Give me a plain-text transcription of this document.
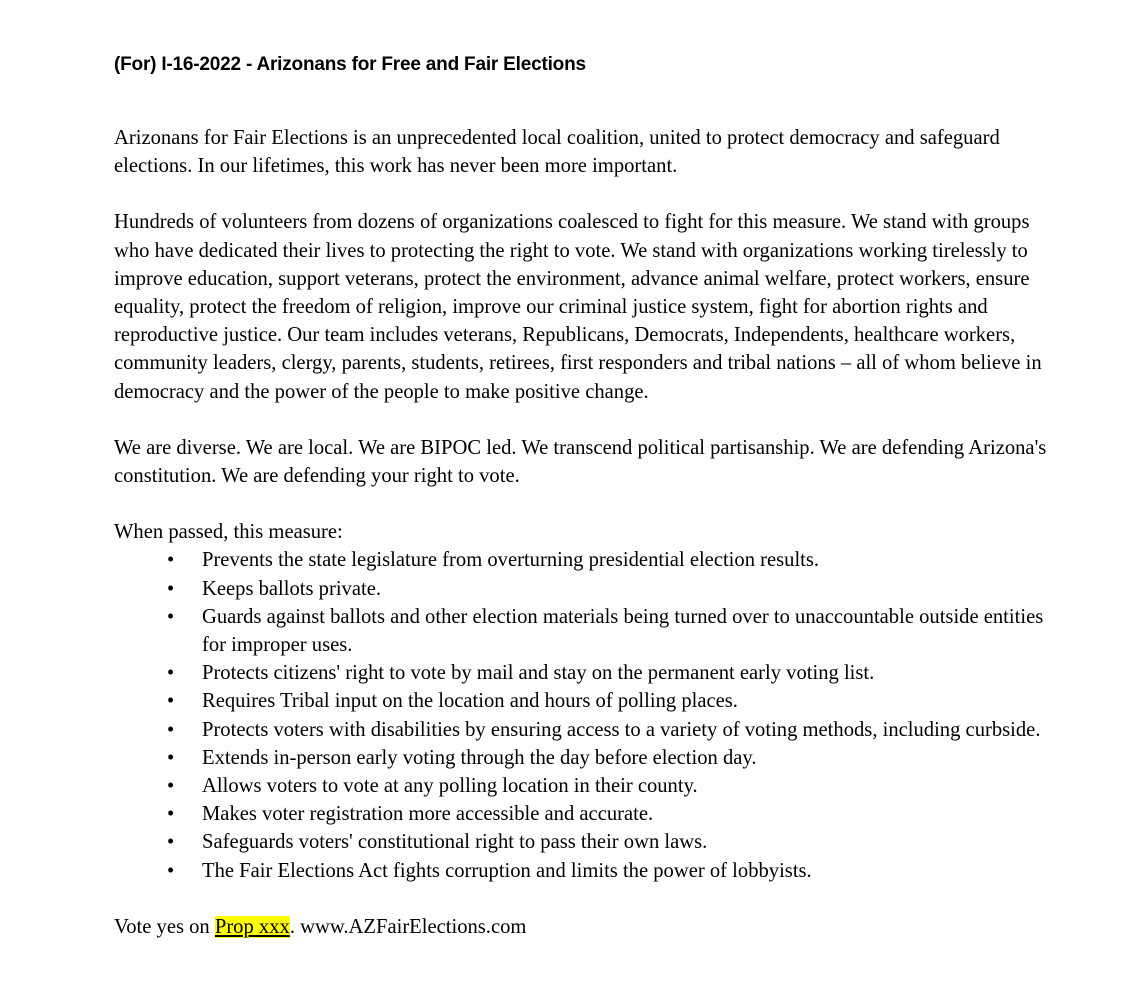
(For) I-16-2022 - Arizonans for Free and Fair Elections

Arizonans for Fair Elections is an unprecedented local coalition, united to protect democracy and safeguard elections. In our lifetimes, this work has never been more important.

Hundreds of volunteers from dozens of organizations coalesced to fight for this measure. We stand with groups who have dedicated their lives to protecting the right to vote. We stand with organizations working tirelessly to improve education, support veterans, protect the environment, advance animal welfare, protect workers, ensure equality, protect the freedom of religion, improve our criminal justice system, fight for abortion rights and reproductive justice. Our team includes veterans, Republicans, Democrats, Independents, healthcare workers, community leaders, clergy, parents, students, retirees, first responders and tribal nations – all of whom believe in democracy and the power of the people to make positive change.

We are diverse. We are local. We are BIPOC led. We transcend political partisanship. We are defending Arizona's constitution. We are defending your right to vote.

When passed, this measure:

• Prevents the state legislature from overturning presidential election results.
• Keeps ballots private.
• Guards against ballots and other election materials being turned over to unaccountable outside entities for improper uses.
• Protects citizens' right to vote by mail and stay on the permanent early voting list.
• Requires Tribal input on the location and hours of polling places.
• Protects voters with disabilities by ensuring access to a variety of voting methods, including curbside.
• Extends in-person early voting through the day before election day.
• Allows voters to vote at any polling location in their county.
• Makes voter registration more accessible and accurate.
• Safeguards voters' constitutional right to pass their own laws.
• The Fair Elections Act fights corruption and limits the power of lobbyists.

Vote yes on Prop xxx. www.AZFairElections.com
